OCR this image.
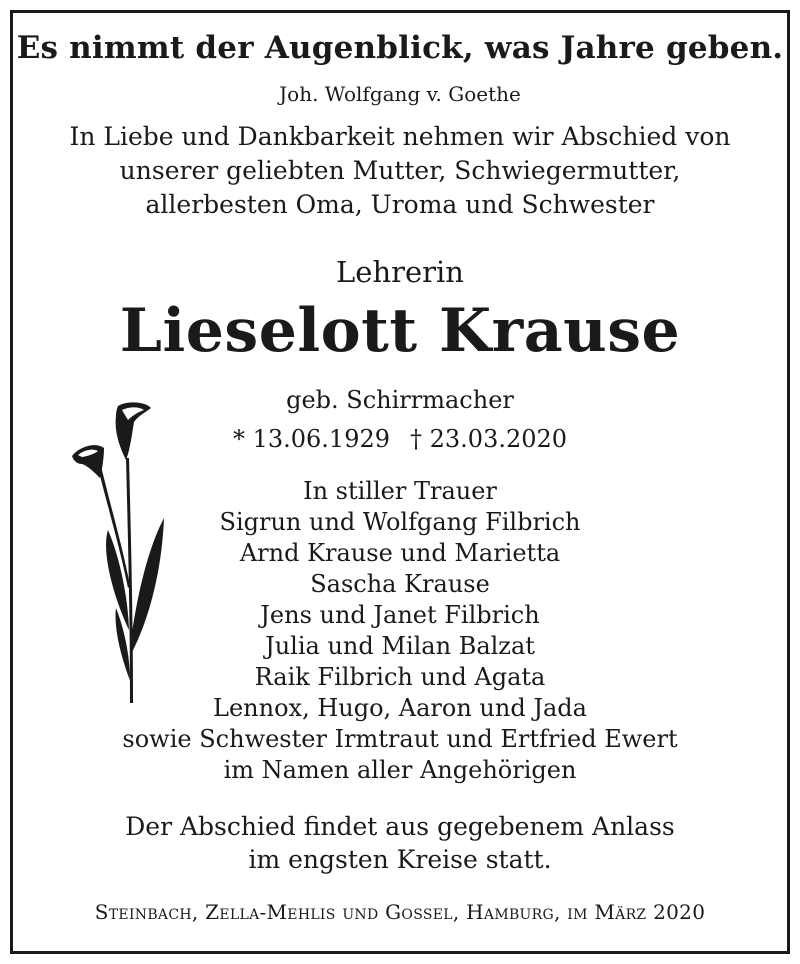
Es nimmt der Augenblick, was Jahre geben.
Joh. Wolfgang v. Goethe
In Liebe und Dankbarkeit nehmen wir Abschied von
unserer geliebten Mutter, Schwiegermutter,
allerbesten Oma, Uroma und Schwester
Lehrerin
Lieselott Krause
geb. Schirrmacher
* 13.06.1929 † 23.03.2020
In stiller Trauer
Sigrun und Wolfgang Filbrich
Arnd Krause und Marietta
Sascha Krause
Jens und Janet Filbrich
Julia und Milan Balzat
Raik Filbrich und Agata
Lennox, Hugo, Aaron und Jada
sowie Schwester Irmtraut und Ertfried Ewert
im Namen aller Angehörigen
Der Abschied findet aus gegebenem Anlass
im engsten Kreise statt.
Steinbach, Zella-Mehlis und Gossel, Hamburg, im März 2020
